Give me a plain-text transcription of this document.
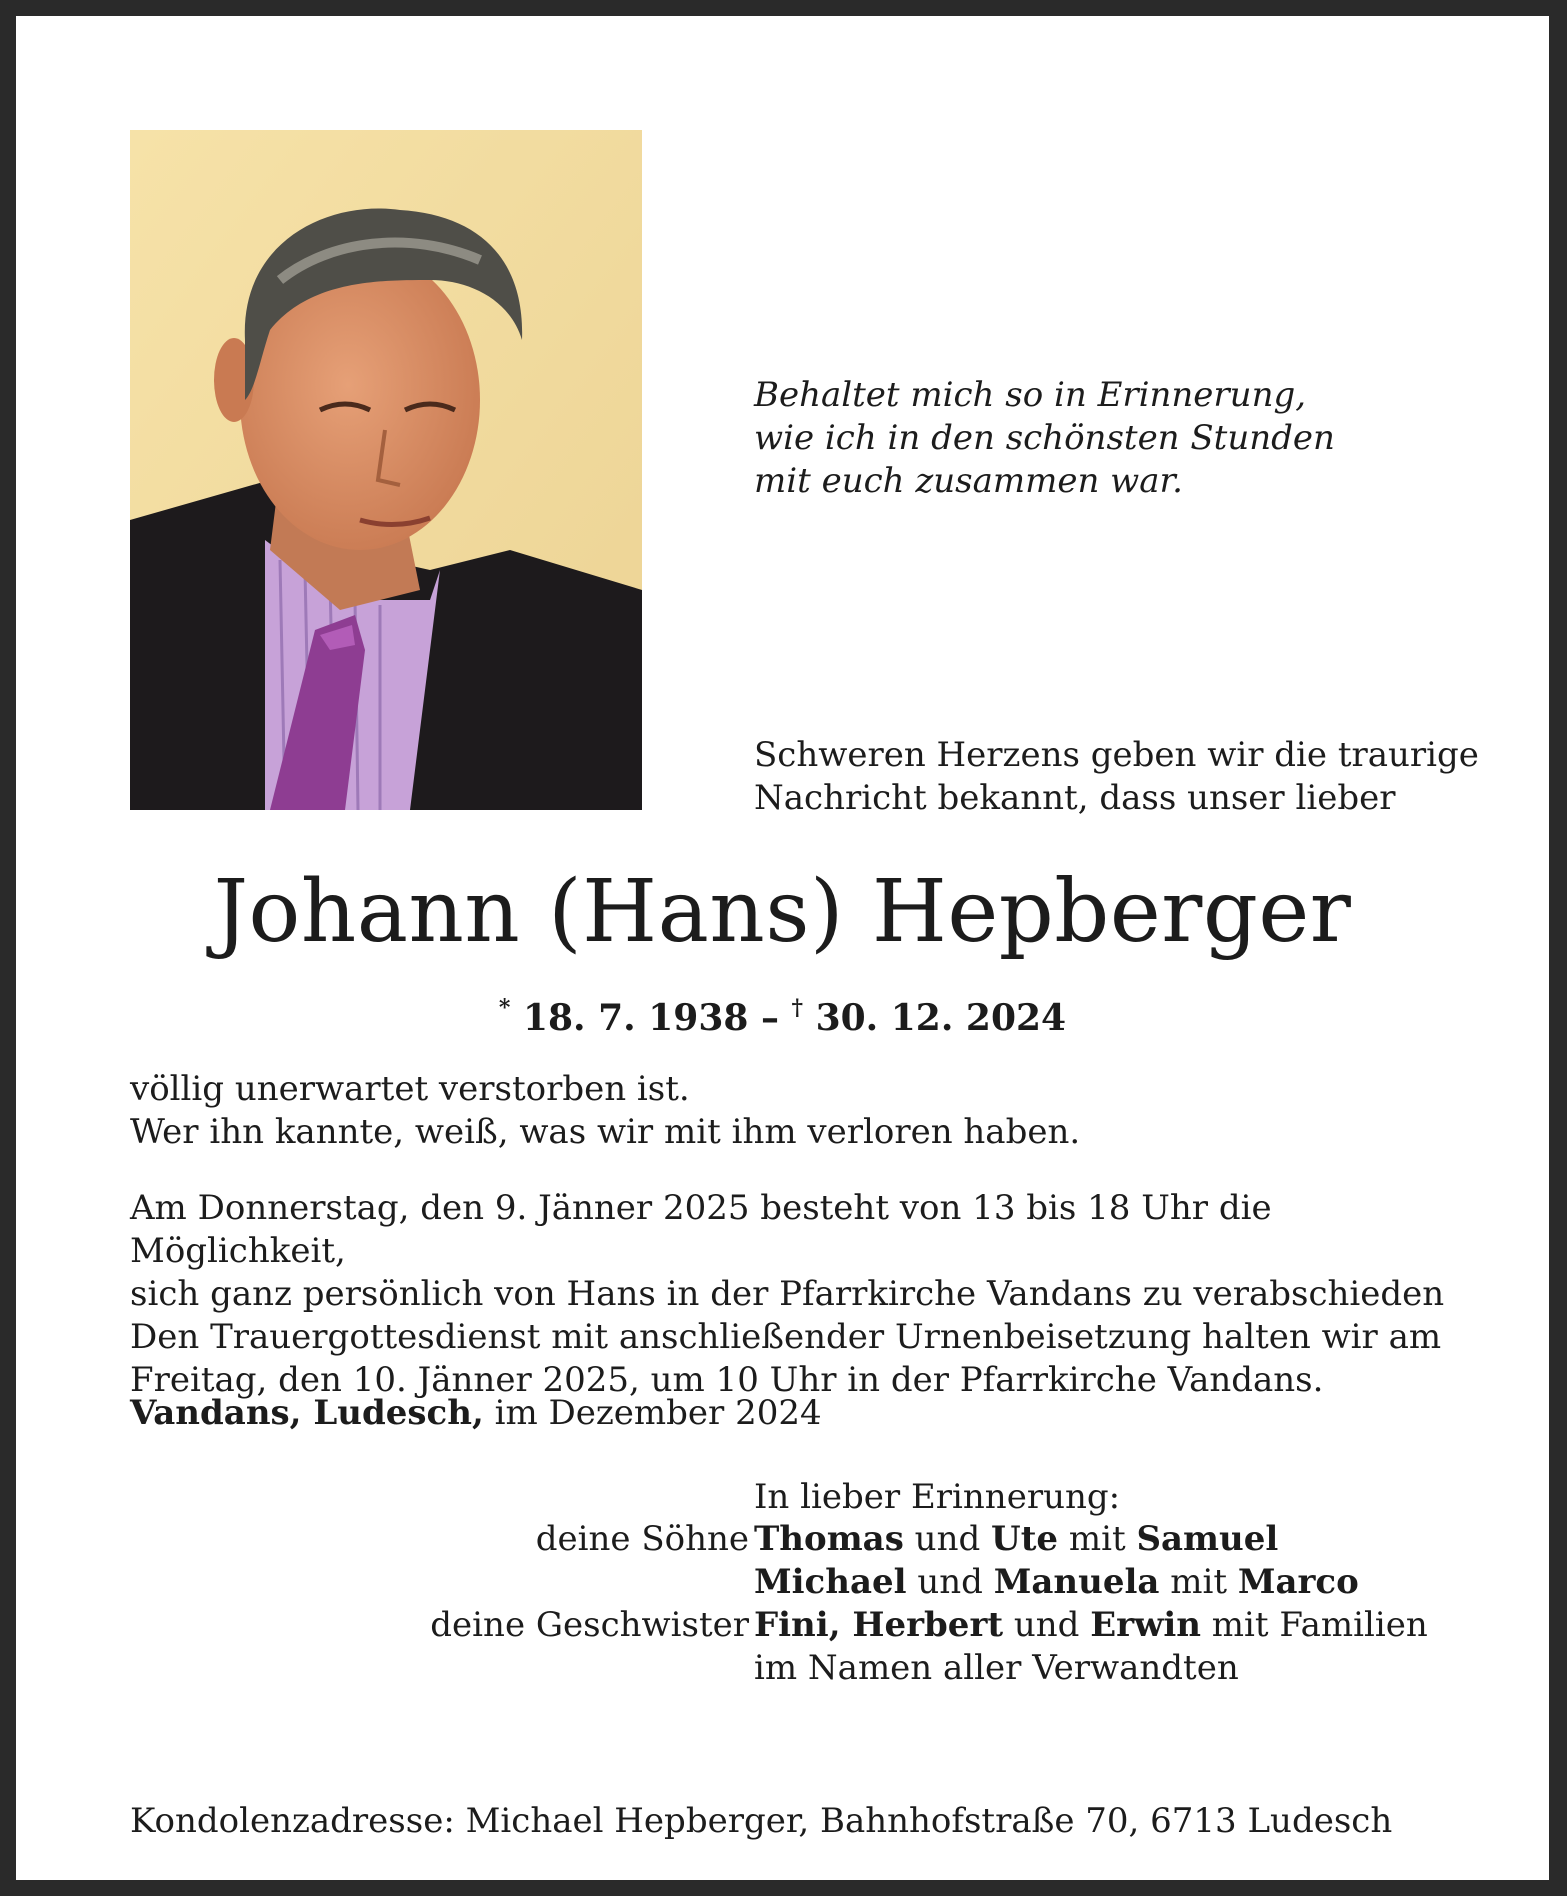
Behaltet mich so in Erinnerung,
wie ich in den schönsten Stunden
mit euch zusammen war.
Schweren Herzens geben wir die traurige
Nachricht bekannt, dass unser lieber
Johann (Hans) Hepberger
* 18. 7. 1938 – † 30. 12. 2024
völlig unerwartet verstorben ist.
Wer ihn kannte, weiß, was wir mit ihm verloren haben.
Am Donnerstag, den 9. Jänner 2025 besteht von 13 bis 18 Uhr die Möglichkeit,
sich ganz persönlich von Hans in der Pfarrkirche Vandans zu verabschieden
Den Trauergottesdienst mit anschließender Urnenbeisetzung halten wir am
Freitag, den 10. Jänner 2025, um 10 Uhr in der Pfarrkirche Vandans.
Vandans, Ludesch, im Dezember 2024
In lieber Erinnerung:
deine Söhne Thomas und Ute mit Samuel
Michael und Manuela mit Marco
deine Geschwister Fini, Herbert und Erwin mit Familien
im Namen aller Verwandten
Kondolenzadresse: Michael Hepberger, Bahnhofstraße 70, 6713 Ludesch
